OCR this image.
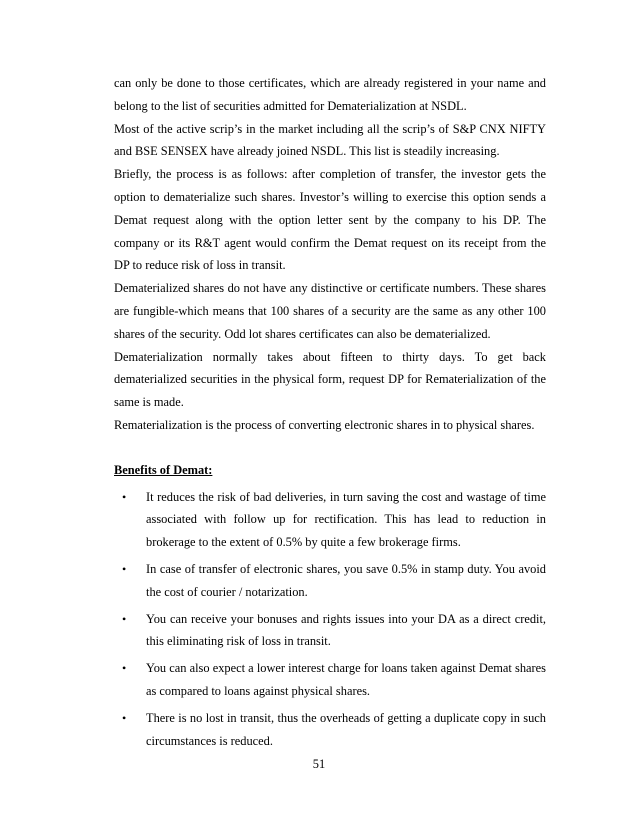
can only be done to those certificates, which are already registered in your name and belong to the list of securities admitted for Dematerialization at NSDL.

Most of the active scrip’s in the market including all the scrip’s of S&P CNX NIFTY and BSE SENSEX have already joined NSDL. This list is steadily increasing.

Briefly, the process is as follows: after completion of transfer, the investor gets the option to dematerialize such shares. Investor’s willing to exercise this option sends a Demat request along with the option letter sent by the company to his DP. The company or its R&T agent would confirm the Demat request on its receipt from the DP to reduce risk of loss in transit.

Dematerialized shares do not have any distinctive or certificate numbers. These shares are fungible-which means that 100 shares of a security are the same as any other 100 shares of the security. Odd lot shares certificates can also be dematerialized.

Dematerialization normally takes about fifteen to thirty days. To get back dematerialized securities in the physical form, request DP for Rematerialization of the same is made.

Rematerialization is the process of converting electronic shares in to physical shares.

Benefits of Demat:
• It reduces the risk of bad deliveries, in turn saving the cost and wastage of time associated with follow up for rectification. This has lead to reduction in brokerage to the extent of 0.5% by quite a few brokerage firms.
• In case of transfer of electronic shares, you save 0.5% in stamp duty. You avoid the cost of courier / notarization.
• You can receive your bonuses and rights issues into your DA as a direct credit, this eliminating risk of loss in transit.
• You can also expect a lower interest charge for loans taken against Demat shares as compared to loans against physical shares.
• There is no lost in transit, thus the overheads of getting a duplicate copy in such circumstances is reduced.
51
